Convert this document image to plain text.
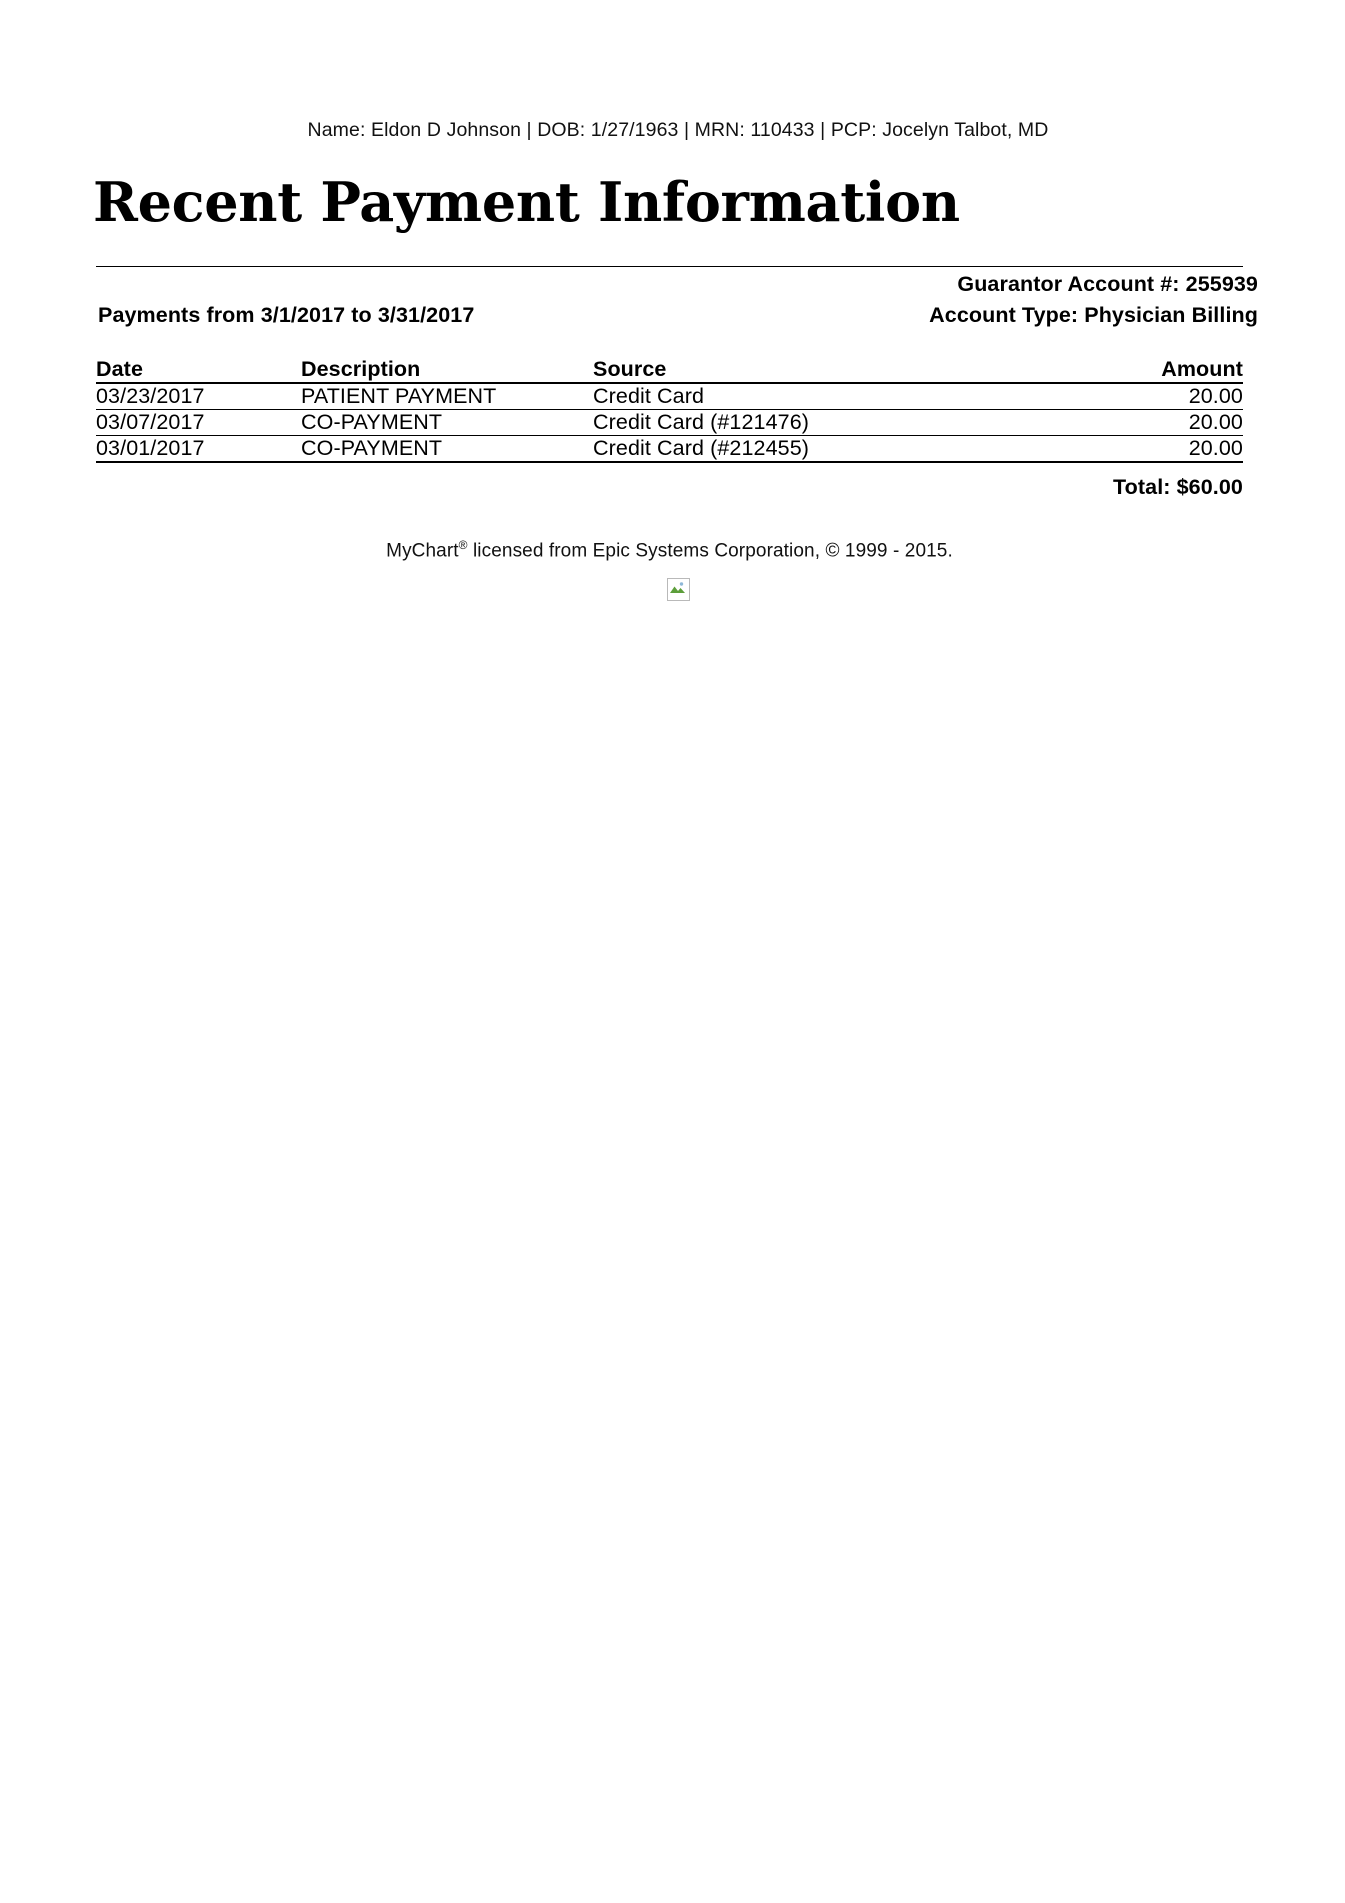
Name: Eldon D Johnson | DOB: 1/27/1963 | MRN: 110433 | PCP: Jocelyn Talbot, MD
Recent Payment Information
Payments from 3/1/2017 to 3/31/2017
Guarantor Account #: 255939
Account Type: Physician Billing
Date	Description	Source	Amount
03/23/2017	PATIENT PAYMENT	Credit Card	20.00
03/07/2017	CO-PAYMENT	Credit Card (#121476)	20.00
03/01/2017	CO-PAYMENT	Credit Card (#212455)	20.00
Total: $60.00
MyChart® licensed from Epic Systems Corporation, © 1999 - 2015.
